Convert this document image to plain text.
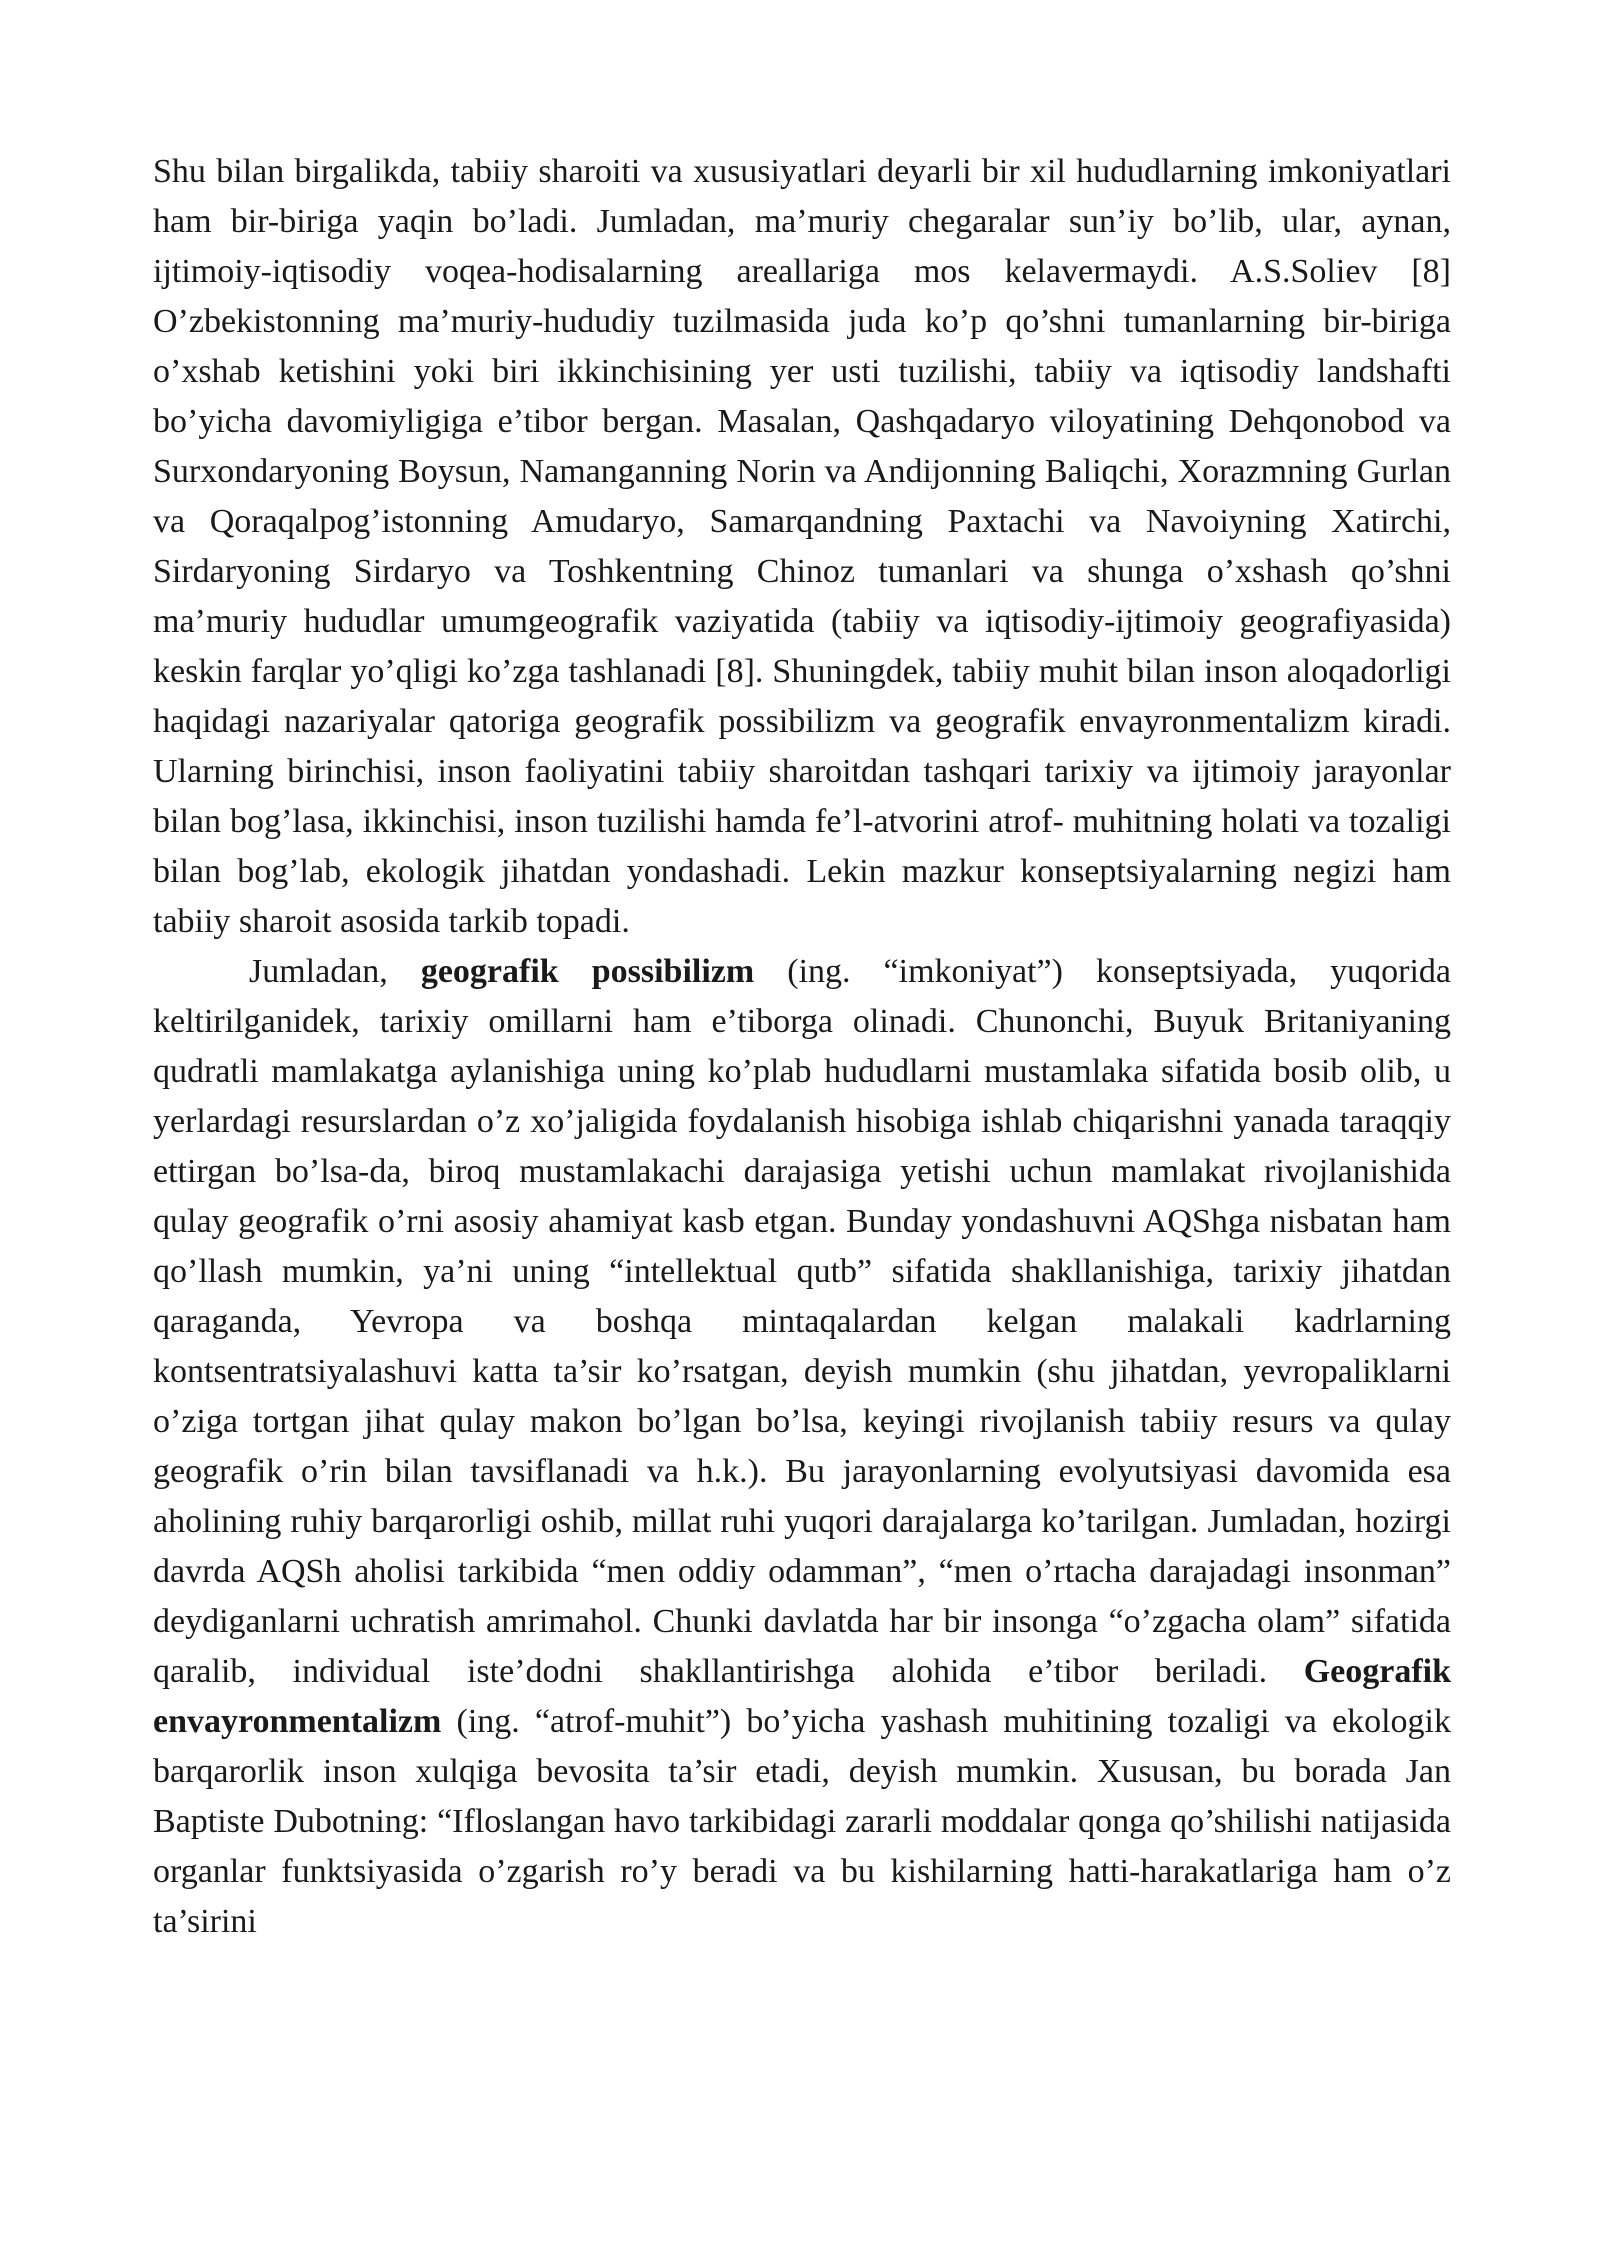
Shu bilan birgalikda, tabiiy sharoiti va xususiyatlari deyarli bir xil hududlarning imkoniyatlari ham bir-biriga yaqin bo’ladi. Jumladan, ma’muriy chegaralar sun’iy bo’lib, ular, aynan, ijtimoiy-iqtisodiy voqea-hodisalarning areallariga mos kelavermaydi. A.S.Soliev [8] O’zbekistonning ma’muriy-hududiy tuzilmasida juda ko’p qo’shni tumanlarning bir-biriga o’xshab ketishini yoki biri ikkinchisining yer usti tuzilishi, tabiiy va iqtisodiy landshafti bo’yicha davomiyligiga e’tibor bergan. Masalan, Qashqadaryo viloyatining Dehqonobod va Surxondaryoning Boysun, Namanganning Norin va Andijonning Baliqchi, Xorazmning Gurlan va Qoraqalpog’istonning Amudaryo, Samarqandning Paxtachi va Navoiyning Xatirchi, Sirdaryoning Sirdaryo va Toshkentning Chinoz tumanlari va shunga o’xshash qo’shni ma’muriy hududlar umumgeografik vaziyatida (tabiiy va iqtisodiy-ijtimoiy geografiyasida) keskin farqlar yo’qligi ko’zga tashlanadi [8]. Shuningdek, tabiiy muhit bilan inson aloqadorligi haqidagi nazariyalar qatoriga geografik possibilizm va geografik envayronmentalizm kiradi. Ularning birinchisi, inson faoliyatini tabiiy sharoitdan tashqari tarixiy va ijtimoiy jarayonlar bilan bog’lasa, ikkinchisi, inson tuzilishi hamda fe’l-atvorini atrof- muhitning holati va tozaligi bilan bog’lab, ekologik jihatdan yondashadi. Lekin mazkur konseptsiyalarning negizi ham tabiiy sharoit asosida tarkib topadi.

Jumladan, geografik possibilizm (ing. “imkoniyat”) konseptsiyada, yuqorida keltirilganidek, tarixiy omillarni ham e’tiborga olinadi. Chunonchi, Buyuk Britaniyaning qudratli mamlakatga aylanishiga uning ko’plab hududlarni mustamlaka sifatida bosib olib, u yerlardagi resurslardan o’z xo’jaligida foydalanish hisobiga ishlab chiqarishni yanada taraqqiy ettirgan bo’lsa-da, biroq mustamlakachi darajasiga yetishi uchun mamlakat rivojlanishida qulay geografik o’rni asosiy ahamiyat kasb etgan. Bunday yondashuvni AQShga nisbatan ham qo’llash mumkin, ya’ni uning “intellektual qutb” sifatida shakllanishiga, tarixiy jihatdan qaraganda, Yevropa va boshqa mintaqalardan kelgan malakali kadrlarning kontsentratsiyalashuvi katta ta’sir ko’rsatgan, deyish mumkin (shu jihatdan, yevropaliklarni o’ziga tortgan jihat qulay makon bo’lgan bo’lsa, keyingi rivojlanish tabiiy resurs va qulay geografik o’rin bilan tavsiflanadi va h.k.). Bu jarayonlarning evolyutsiyasi davomida esa aholining ruhiy barqarorligi oshib, millat ruhi yuqori darajalarga ko’tarilgan. Jumladan, hozirgi davrda AQSh aholisi tarkibida “men oddiy odamman”, “men o’rtacha darajadagi insonman” deydiganlarni uchratish amrimahol. Chunki davlatda har bir insonga “o’zgacha olam” sifatida qaralib, individual iste’dodni shakllantirishga alohida e’tibor beriladi. Geografik envayronmentalizm (ing. “atrof-muhit”) bo’yicha yashash muhitining tozaligi va ekologik barqarorlik inson xulqiga bevosita ta’sir etadi, deyish mumkin. Xususan, bu borada Jan Baptiste Dubotning: “Ifloslangan havo tarkibidagi zararli moddalar qonga qo’shilishi natijasida organlar funktsiyasida o’zgarish ro’y beradi va bu kishilarning hatti-harakatlariga ham o’z ta’sirini
